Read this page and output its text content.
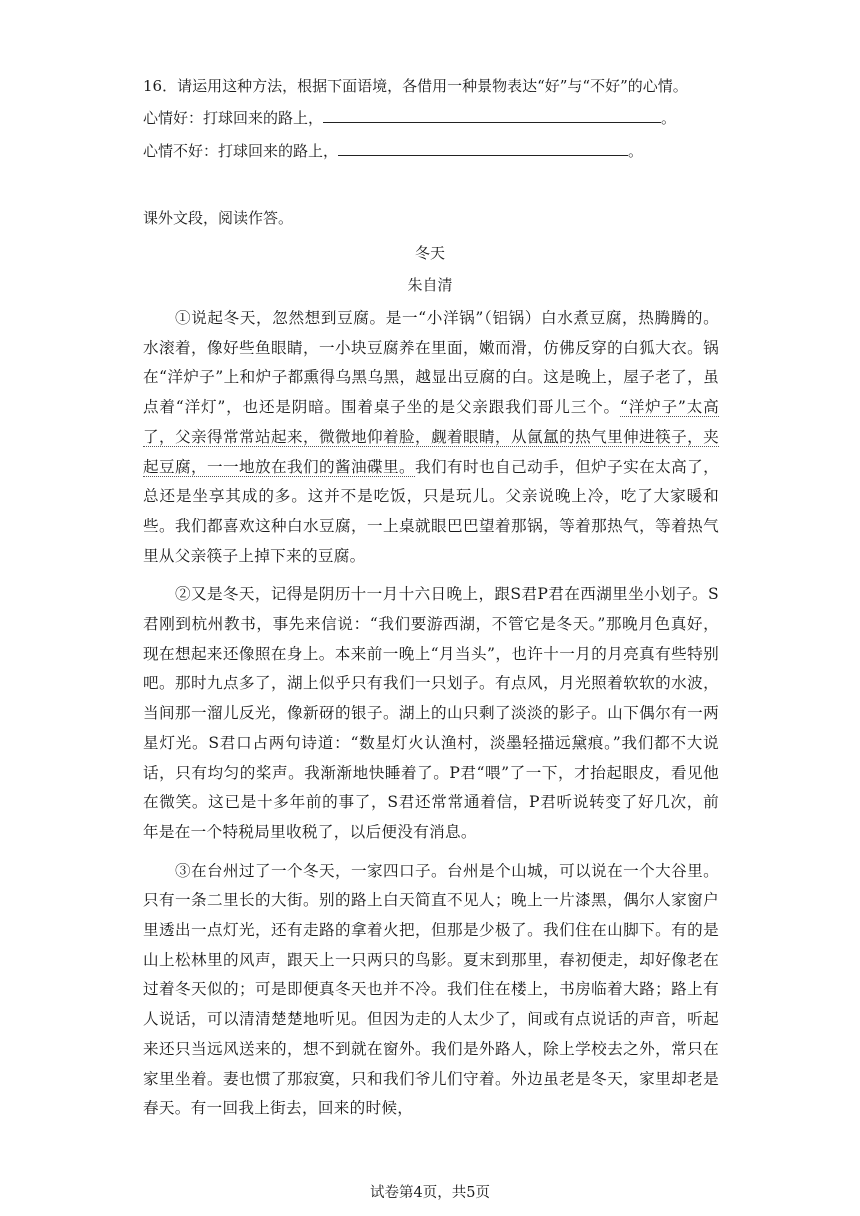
16．请运用这种方法，根据下面语境，各借用一种景物表达“好”与“不好”的心情。
心情好：打球回来的路上，	。
心情不好：打球回来的路上，	。
课外文段，阅读作答。
冬天
朱自清

①说起冬天，忽然想到豆腐。是一“小洋锅”（铝锅）白水煮豆腐，热腾腾的。水滚着，像好些鱼眼睛，一小块豆腐养在里面，嫩而滑，仿佛反穿的白狐大衣。锅在“洋炉子”上和炉子都熏得乌黑乌黑，越显出豆腐的白。这是晚上，屋子老了，虽点着“洋灯”，也还是阴暗。围着桌子坐的是父亲跟我们哥儿三个。“洋炉子”太高了，父亲得常常站起来，微微地仰着脸，觑着眼睛，从氤氲的热气里伸进筷子，夹起豆腐，一一地放在我们的酱油碟里。我们有时也自己动手，但炉子实在太高了，总还是坐享其成的多。这并不是吃饭，只是玩儿。父亲说晚上冷，吃了大家暖和些。我们都喜欢这种白水豆腐，一上桌就眼巴巴望着那锅，等着那热气，等着热气里从父亲筷子上掉下来的豆腐。

②又是冬天，记得是阴历十一月十六日晚上，跟S君P君在西湖里坐小划子。S君刚到杭州教书，事先来信说：“我们要游西湖，不管它是冬天。”那晚月色真好，现在想起来还像照在身上。本来前一晚上“月当头”，也许十一月的月亮真有些特别吧。那时九点多了，湖上似乎只有我们一只划子。有点风，月光照着软软的水波，当间那一溜儿反光，像新砑的银子。湖上的山只剩了淡淡的影子。山下偶尔有一两星灯光。S君口占两句诗道：“数星灯火认渔村，淡墨轻描远黛痕。”我们都不大说话，只有均匀的桨声。我渐渐地快睡着了。P君“喂”了一下，才抬起眼皮，看见他在微笑。这已是十多年前的事了，S君还常常通着信，P君听说转变了好几次，前年是在一个特税局里收税了，以后便没有消息。

③在台州过了一个冬天，一家四口子。台州是个山城，可以说在一个大谷里。只有一条二里长的大街。别的路上白天简直不见人；晚上一片漆黑，偶尔人家窗户里透出一点灯光，还有走路的拿着火把，但那是少极了。我们住在山脚下。有的是山上松林里的风声，跟天上一只两只的鸟影。夏末到那里，春初便走，却好像老在过着冬天似的；可是即便真冬天也并不冷。我们住在楼上，书房临着大路；路上有人说话，可以清清楚楚地听见。但因为走的人太少了，间或有点说话的声音，听起来还只当远风送来的，想不到就在窗外。我们是外路人，除上学校去之外，常只在家里坐着。妻也惯了那寂寞，只和我们爷儿们守着。外边虽老是冬天，家里却老是春天。有一回我上街去，回来的时候，

试卷第4页，共5页
